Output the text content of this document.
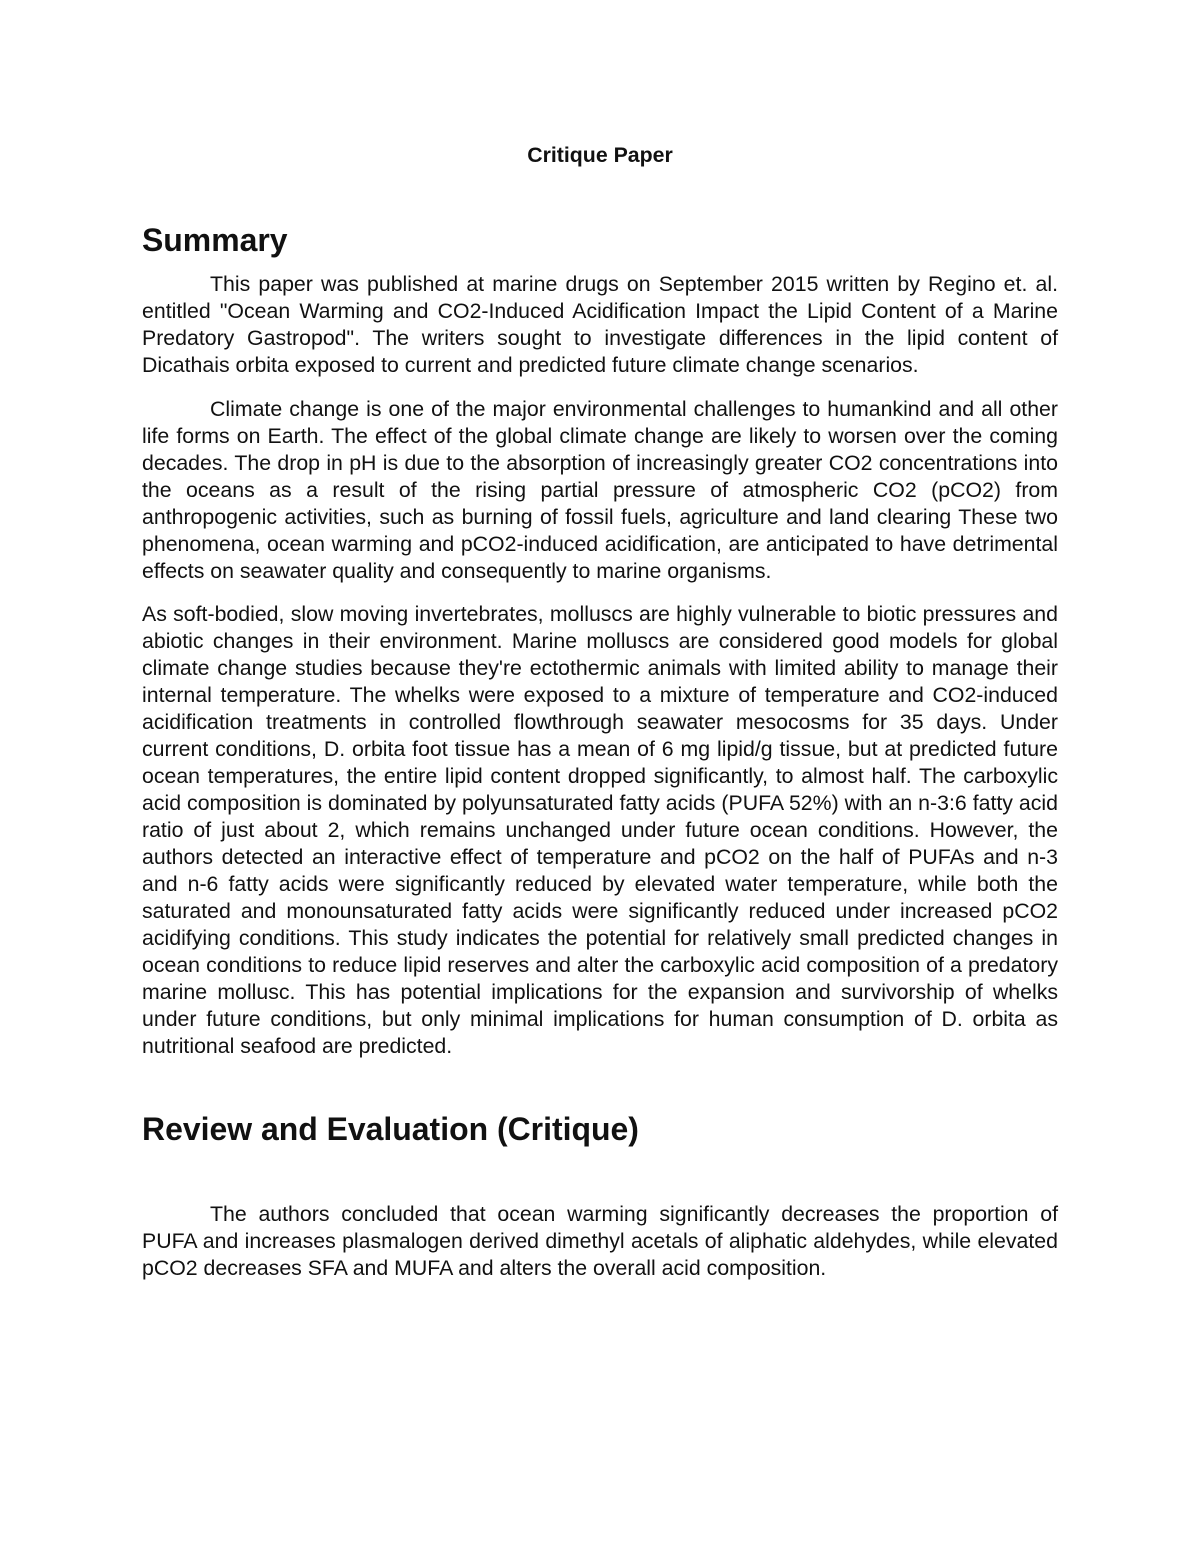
Critique Paper
Summary

This paper was published at marine drugs on September 2015 written by Regino et. al. entitled "Ocean Warming and CO2-Induced Acidification Impact the Lipid Content of a Marine Predatory Gastropod". The writers sought to investigate differences in the lipid content of Dicathais orbita exposed to current and predicted future climate change scenarios.

Climate change is one of the major environmental challenges to humankind and all other life forms on Earth. The effect of the global climate change are likely to worsen over the coming decades. The drop in pH is due to the absorption of increasingly greater CO2 concentrations into the oceans as a result of the rising partial pressure of atmospheric CO2 (pCO2) from anthropogenic activities, such as burning of fossil fuels, agriculture and land clearing These two phenomena, ocean warming and pCO2-induced acidification, are anticipated to have detrimental effects on seawater quality and consequently to marine organisms.

As soft-bodied, slow moving invertebrates, molluscs are highly vulnerable to biotic pressures and abiotic changes in their environment. Marine molluscs are considered good models for global climate change studies because they're ectothermic animals with limited ability to manage their internal temperature. The whelks were exposed to a mixture of temperature and CO2-induced acidification treatments in controlled flowthrough seawater mesocosms for 35 days. Under current conditions, D. orbita foot tissue has a mean of 6 mg lipid/g tissue, but at predicted future ocean temperatures, the entire lipid content dropped significantly, to almost half. The carboxylic acid composition is dominated by polyunsaturated fatty acids (PUFA 52%) with an n-3:6 fatty acid ratio of just about 2, which remains unchanged under future ocean conditions. However, the authors detected an interactive effect of temperature and pCO2 on the half of PUFAs and n-3 and n-6 fatty acids were significantly reduced by elevated water temperature, while both the saturated and monounsaturated fatty acids were significantly reduced under increased pCO2 acidifying conditions. This study indicates the potential for relatively small predicted changes in ocean conditions to reduce lipid reserves and alter the carboxylic acid composition of a predatory marine mollusc. This has potential implications for the expansion and survivorship of whelks under future conditions, but only minimal implications for human consumption of D. orbita as nutritional seafood are predicted.

Review and Evaluation (Critique)

The authors concluded that ocean warming significantly decreases the proportion of PUFA and increases plasmalogen derived dimethyl acetals of aliphatic aldehydes, while elevated pCO2 decreases SFA and MUFA and alters the overall acid composition.
